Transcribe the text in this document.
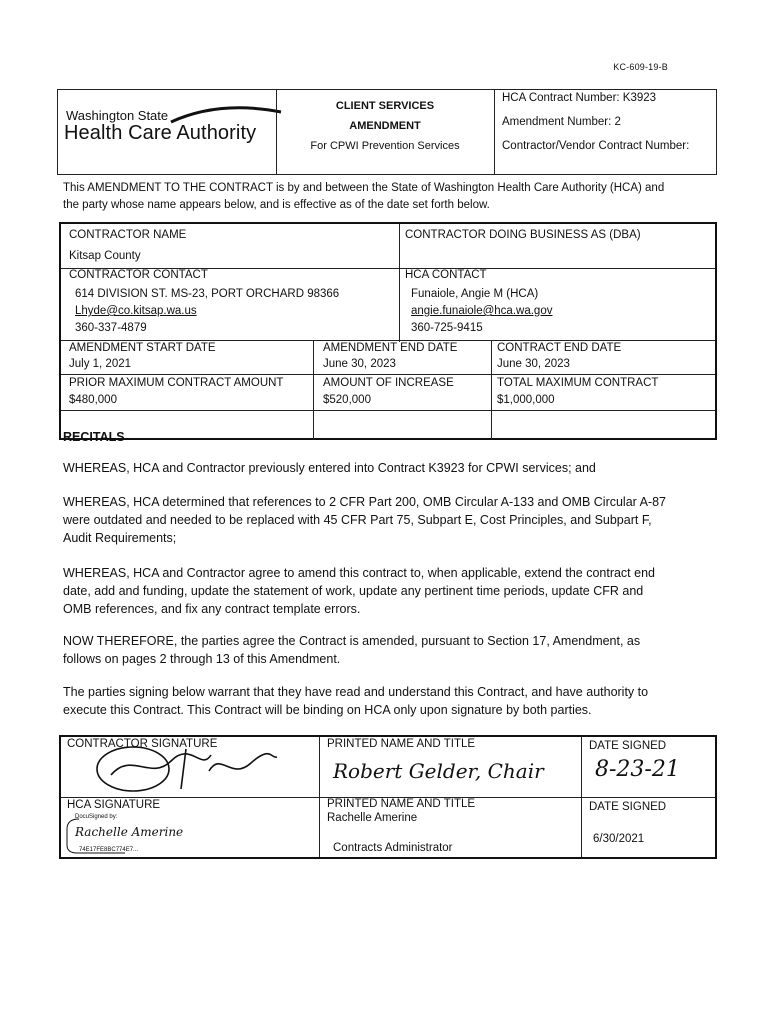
KC-609-19-B
Washington State
Health Care Authority
CLIENT SERVICES
AMENDMENT
For CPWI Prevention Services
HCA Contract Number: K3923
Amendment Number: 2
Contractor/Vendor Contract Number:
This AMENDMENT TO THE CONTRACT is by and between the State of Washington Health Care Authority (HCA) and
the party whose name appears below, and is effective as of the date set forth below.
CONTRACTOR NAME
Kitsap County
CONTRACTOR DOING BUSINESS AS (DBA)
CONTRACTOR CONTACT
614 DIVISION ST. MS-23, PORT ORCHARD 98366
Lhyde@co.kitsap.wa.us
360-337-4879
HCA CONTACT
Funaiole, Angie M (HCA)
angie.funaiole@hca.wa.gov
360-725-9415
AMENDMENT START DATE
July 1, 2021
AMENDMENT END DATE
June 30, 2023
CONTRACT END DATE
June 30, 2023
PRIOR MAXIMUM CONTRACT AMOUNT
$480,000
AMOUNT OF INCREASE
$520,000
TOTAL MAXIMUM CONTRACT
$1,000,000
RECITALS
WHEREAS, HCA and Contractor previously entered into Contract K3923 for CPWI services; and
WHEREAS, HCA determined that references to 2 CFR Part 200, OMB Circular A-133 and OMB Circular A-87
were outdated and needed to be replaced with 45 CFR Part 75, Subpart E, Cost Principles, and Subpart F,
Audit Requirements;
WHEREAS, HCA and Contractor agree to amend this contract to, when applicable, extend the contract end
date, add and funding, update the statement of work, update any pertinent time periods, update CFR and
OMB references, and fix any contract template errors.
NOW THEREFORE, the parties agree the Contract is amended, pursuant to Section 17, Amendment, as
follows on pages 2 through 13 of this Amendment.
The parties signing below warrant that they have read and understand this Contract, and have authority to
execute this Contract. This Contract will be binding on HCA only upon signature by both parties.
CONTRACTOR SIGNATURE	PRINTED NAME AND TITLE
Robert Gelder, Chair
DATE SIGNED
8-23-21
HCA SIGNATURE
DocuSigned by:
Rachelle Amerine
74E17FE8BC774E7...
PRINTED NAME AND TITLE
Rachelle Amerine
Contracts Administrator
DATE SIGNED
6/30/2021
